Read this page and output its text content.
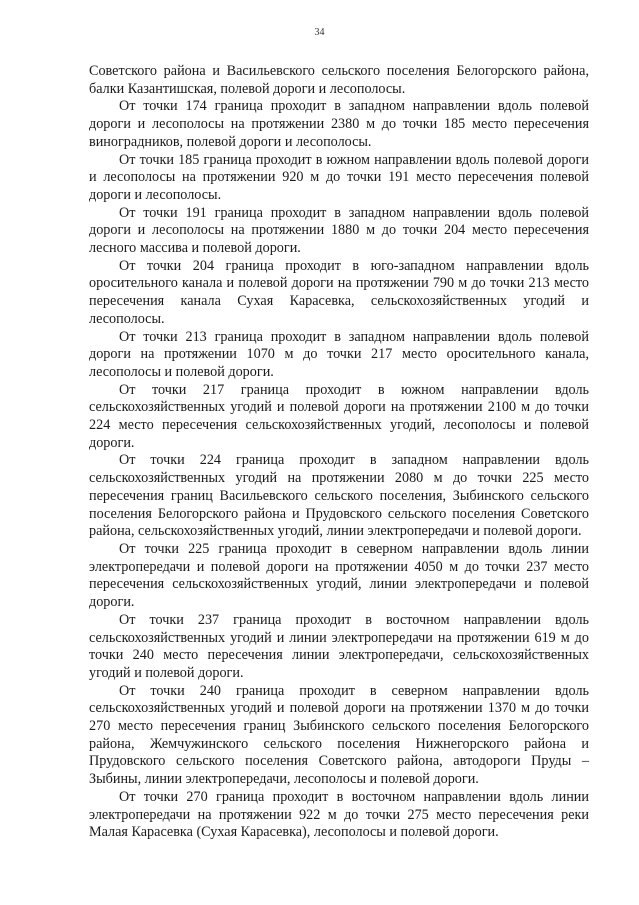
34

Советского района и Васильевского сельского поселения Белогорского района, балки Казантишская, полевой дороги и лесополосы.

От точки 174 граница проходит в западном направлении вдоль полевой дороги и лесополосы на протяжении 2380 м до точки 185 место пересечения виноградников, полевой дороги и лесополосы.

От точки 185 граница проходит в южном направлении вдоль полевой дороги и лесополосы на протяжении 920 м до точки 191 место пересечения полевой дороги и лесополосы.

От точки 191 граница проходит в западном направлении вдоль полевой дороги и лесополосы на протяжении 1880 м до точки 204 место пересечения лесного массива и полевой дороги.

От точки 204 граница проходит в юго-западном направлении вдоль оросительного канала и полевой дороги на протяжении 790 м до точки 213 место пересечения канала Сухая Карасевка, сельскохозяйственных угодий и лесополосы.

От точки 213 граница проходит в западном направлении вдоль полевой дороги на протяжении 1070 м до точки 217 место оросительного канала, лесополосы и полевой дороги.

От точки 217 граница проходит в южном направлении вдоль сельскохозяйственных угодий и полевой дороги на протяжении 2100 м до точки 224 место пересечения сельскохозяйственных угодий, лесополосы и полевой дороги.

От точки 224 граница проходит в западном направлении вдоль сельскохозяйственных угодий на протяжении 2080 м до точки 225 место пересечения границ Васильевского сельского поселения, Зыбинского сельского поселения Белогорского района и Прудовского сельского поселения Советского района, сельскохозяйственных угодий, линии электропередачи и полевой дороги.

От точки 225 граница проходит в северном направлении вдоль линии электропередачи и полевой дороги на протяжении 4050 м до точки 237 место пересечения сельскохозяйственных угодий, линии электропередачи и полевой дороги.

От точки 237 граница проходит в восточном направлении вдоль сельскохозяйственных угодий и линии электропередачи на протяжении 619 м до точки 240 место пересечения линии электропередачи, сельскохозяйственных угодий и полевой дороги.

От точки 240 граница проходит в северном направлении вдоль сельскохозяйственных угодий и полевой дороги на протяжении 1370 м до точки 270 место пересечения границ Зыбинского сельского поселения Белогорского района, Жемчужинского сельского поселения Нижнегорского района и Прудовского сельского поселения Советского района, автодороги Пруды – Зыбины, линии электропередачи, лесополосы и полевой дороги.

От точки 270 граница проходит в восточном направлении вдоль линии электропередачи на протяжении 922 м до точки 275 место пересечения реки Малая Карасевка (Сухая Карасевка), лесополосы и полевой дороги.
